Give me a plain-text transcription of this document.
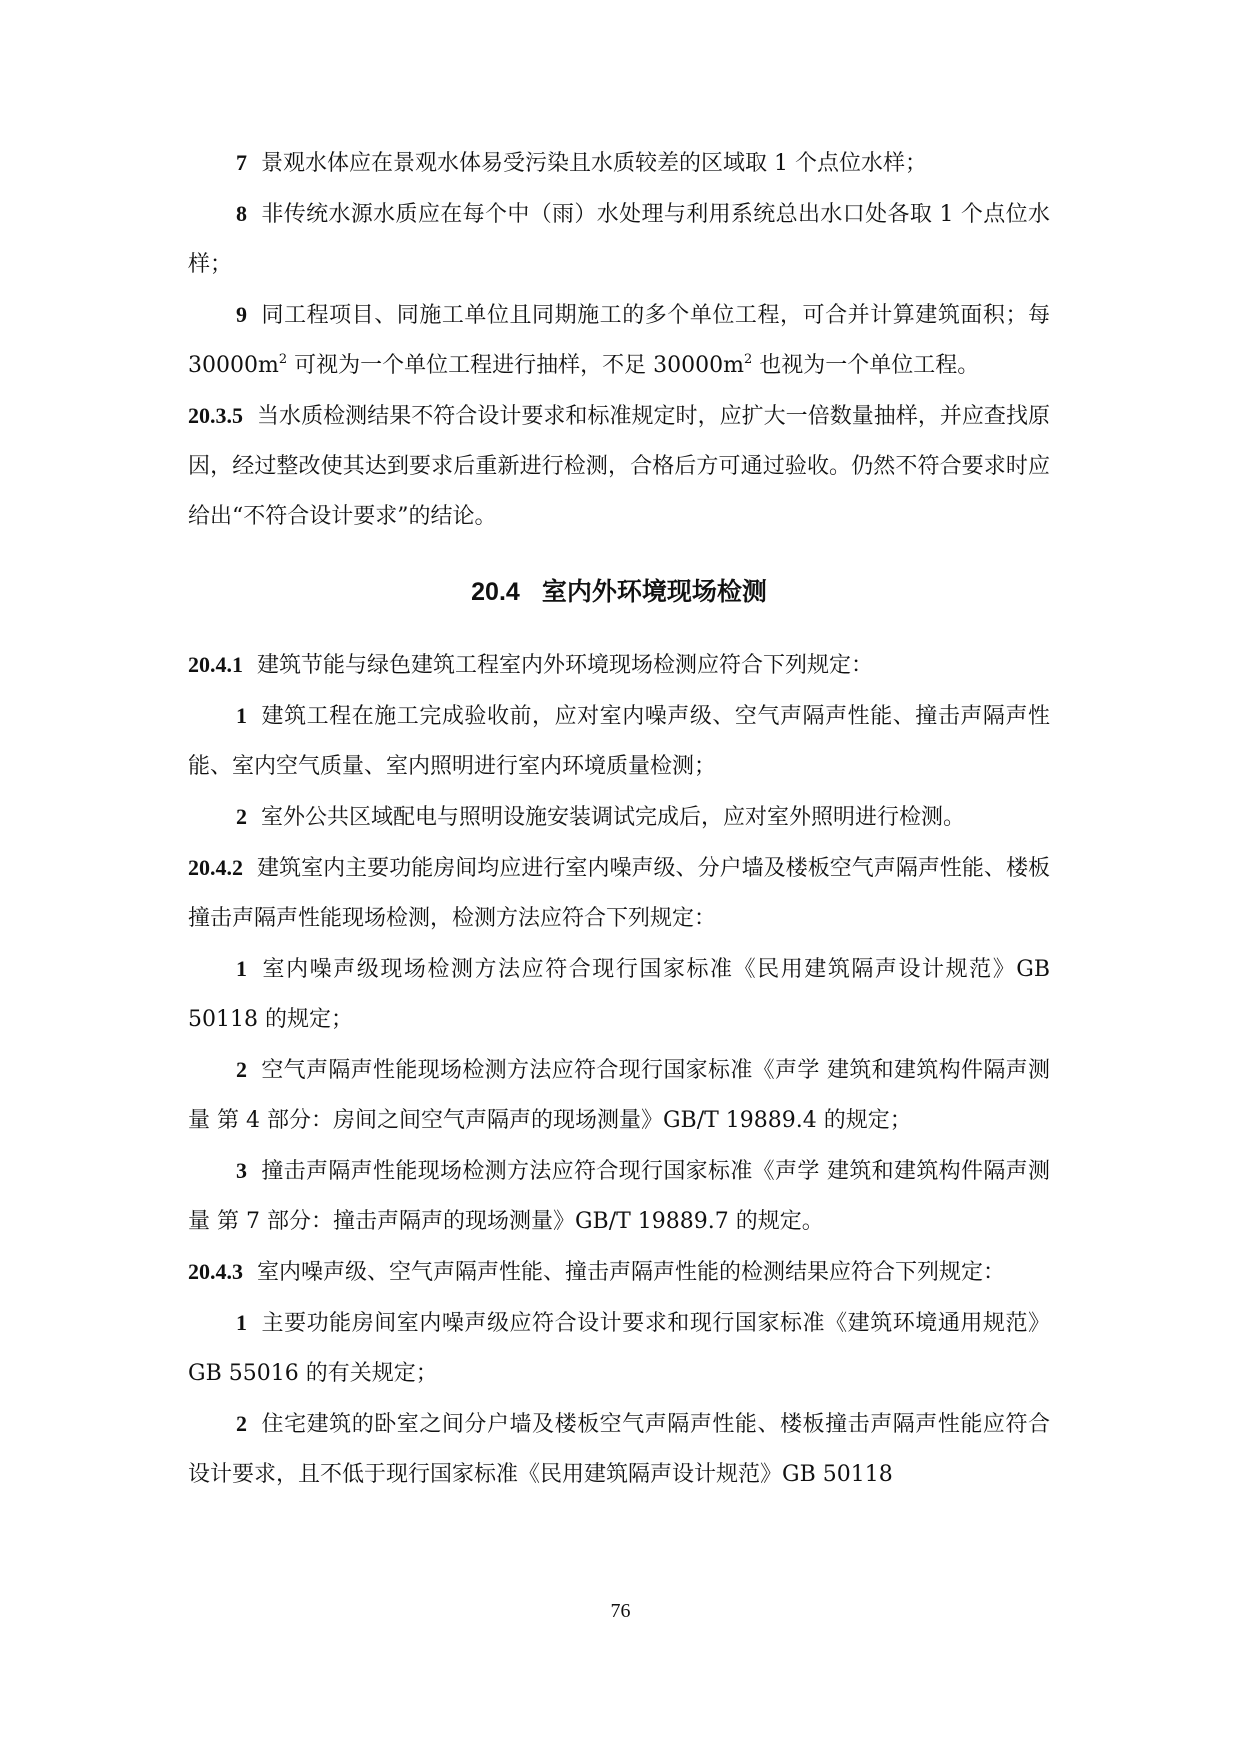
7 景观水体应在景观水体易受污染且水质较差的区域取 1 个点位水样；

8 非传统水源水质应在每个中（雨）水处理与利用系统总出水口处各取 1 个点位水样；

9 同工程项目、同施工单位且同期施工的多个单位工程，可合并计算建筑面积；每 $30000m^2$ 可视为一个单位工程进行抽样，不足 $30000m^2$ 也视为一个单位工程。

20.3.5 当水质检测结果不符合设计要求和标准规定时，应扩大一倍数量抽样，并应查找原因，经过整改使其达到要求后重新进行检测，合格后方可通过验收。仍然不符合要求时应给出“不符合设计要求”的结论。

20.4 室内外环境现场检测

20.4.1 建筑节能与绿色建筑工程室内外环境现场检测应符合下列规定：

1 建筑工程在施工完成验收前，应对室内噪声级、空气声隔声性能、撞击声隔声性能、室内空气质量、室内照明进行室内环境质量检测；

2 室外公共区域配电与照明设施安装调试完成后，应对室外照明进行检测。

20.4.2 建筑室内主要功能房间均应进行室内噪声级、分户墙及楼板空气声隔声性能、楼板撞击声隔声性能现场检测，检测方法应符合下列规定：

1 室内噪声级现场检测方法应符合现行国家标准《民用建筑隔声设计规范》GB 50118 的规定；

2 空气声隔声性能现场检测方法应符合现行国家标准《声学 建筑和建筑构件隔声测量 第 4 部分：房间之间空气声隔声的现场测量》GB/T 19889.4 的规定；

3 撞击声隔声性能现场检测方法应符合现行国家标准《声学 建筑和建筑构件隔声测量 第 7 部分：撞击声隔声的现场测量》GB/T 19889.7 的规定。

20.4.3 室内噪声级、空气声隔声性能、撞击声隔声性能的检测结果应符合下列规定：

1 主要功能房间室内噪声级应符合设计要求和现行国家标准《建筑环境通用规范》GB 55016 的有关规定；

2 住宅建筑的卧室之间分户墙及楼板空气声隔声性能、楼板撞击声隔声性能应符合设计要求，且不低于现行国家标准《民用建筑隔声设计规范》GB 50118

76
